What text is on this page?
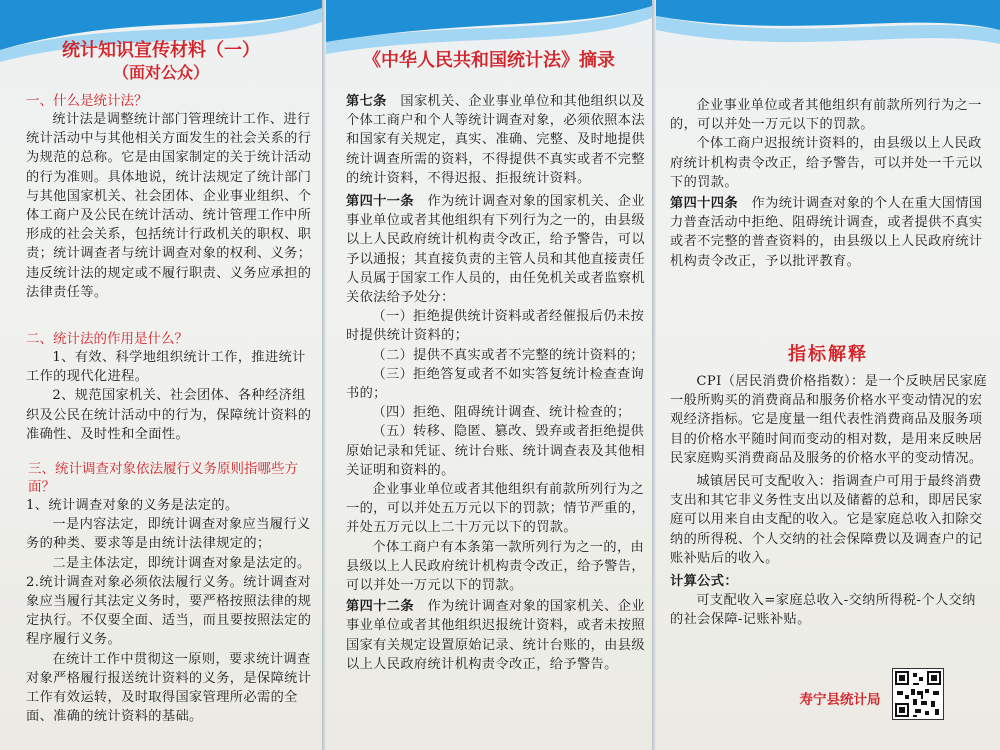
统计知识宣传材料（一）
（面对公众）
一、什么是统计法？

统计法是调整统计部门管理统计工作、进行统计活动中与其他相关方面发生的社会关系的行为规范的总称。它是由国家制定的关于统计活动的行为准则。具体地说，统计法规定了统计部门与其他国家机关、社会团体、企业事业组织、个体工商户及公民在统计活动、统计管理工作中所形成的社会关系，包括统计行政机关的职权、职责；统计调查者与统计调查对象的权利、义务；违反统计法的规定或不履行职责、义务应承担的法律责任等。

二、统计法的作用是什么？

1、有效、科学地组织统计工作，推进统计工作的现代化进程。

2、规范国家机关、社会团体、各种经济组织及公民在统计活动中的行为，保障统计资料的准确性、及时性和全面性。

三、统计调查对象依法履行义务原则指哪些方面？

1、统计调查对象的义务是法定的。

一是内容法定，即统计调查对象应当履行义务的种类、要求等是由统计法律规定的；

二是主体法定，即统计调查对象是法定的。

2.统计调查对象必须依法履行义务。统计调查对象应当履行其法定义务时，要严格按照法律的规定执行。不仅要全面、适当，而且要按照法定的程序履行义务。

在统计工作中贯彻这一原则，要求统计调查对象严格履行报送统计资料的义务，是保障统计工作有效运转，及时取得国家管理所必需的全面、准确的统计资料的基础。

《中华人民共和国统计法》摘录

第七条　 国家机关、企业事业单位和其他组织以及个体工商户和个人等统计调查对象，必须依照本法和国家有关规定，真实、准确、完整、及时地提供统计调查所需的资料，不得提供不真实或者不完整的统计资料，不得迟报、拒报统计资料。

第四十一条　 作为统计调查对象的国家机关、企业事业单位或者其他组织有下列行为之一的，由县级以上人民政府统计机构责令改正，给予警告，可以予以通报；其直接负责的主管人员和其他直接责任人员属于国家工作人员的，由任免机关或者监察机关依法给予处分：

（一）拒绝提供统计资料或者经催报后仍未按时提供统计资料的；

（二）提供不真实或者不完整的统计资料的；

（三）拒绝答复或者不如实答复统计检查查询书的；

（四）拒绝、阻碍统计调查、统计检查的；

（五）转移、隐匿、篡改、毁弃或者拒绝提供原始记录和凭证、统计台账、统计调查表及其他相关证明和资料的。

企业事业单位或者其他组织有前款所列行为之一的，可以并处五万元以下的罚款；情节严重的，并处五万元以上二十万元以下的罚款。

个体工商户有本条第一款所列行为之一的，由县级以上人民政府统计机构责令改正，给予警告，可以并处一万元以下的罚款。

第四十二条　 作为统计调查对象的国家机关、企业事业单位或者其他组织迟报统计资料，或者未按照国家有关规定设置原始记录、统计台账的，由县级以上人民政府统计机构责令改正，给予警告。

企业事业单位或者其他组织有前款所列行为之一的，可以并处一万元以下的罚款。

个体工商户迟报统计资料的，由县级以上人民政府统计机构责令改正，给予警告，可以并处一千元以下的罚款。

第四十四条　 作为统计调查对象的个人在重大国情国力普查活动中拒绝、阻碍统计调查，或者提供不真实或者不完整的普查资料的，由县级以上人民政府统计机构责令改正，予以批评教育。

指标解释

CPI（居民消费价格指数）：是一个反映居民家庭一般所购买的消费商品和服务价格水平变动情况的宏观经济指标。它是度量一组代表性消费商品及服务项目的价格水平随时间而变动的相对数，是用来反映居民家庭购买消费商品及服务的价格水平的变动情况。

城镇居民可支配收入：指调查户可用于最终消费支出和其它非义务性支出以及储蓄的总和，即居民家庭可以用来自由支配的收入。它是家庭总收入扣除交纳的所得税、个人交纳的社会保障费以及调查户的记账补贴后的收入。

计算公式：

可支配收入=家庭总收入-交纳所得税-个人交纳的社会保障-记账补贴。

寿宁县统计局
